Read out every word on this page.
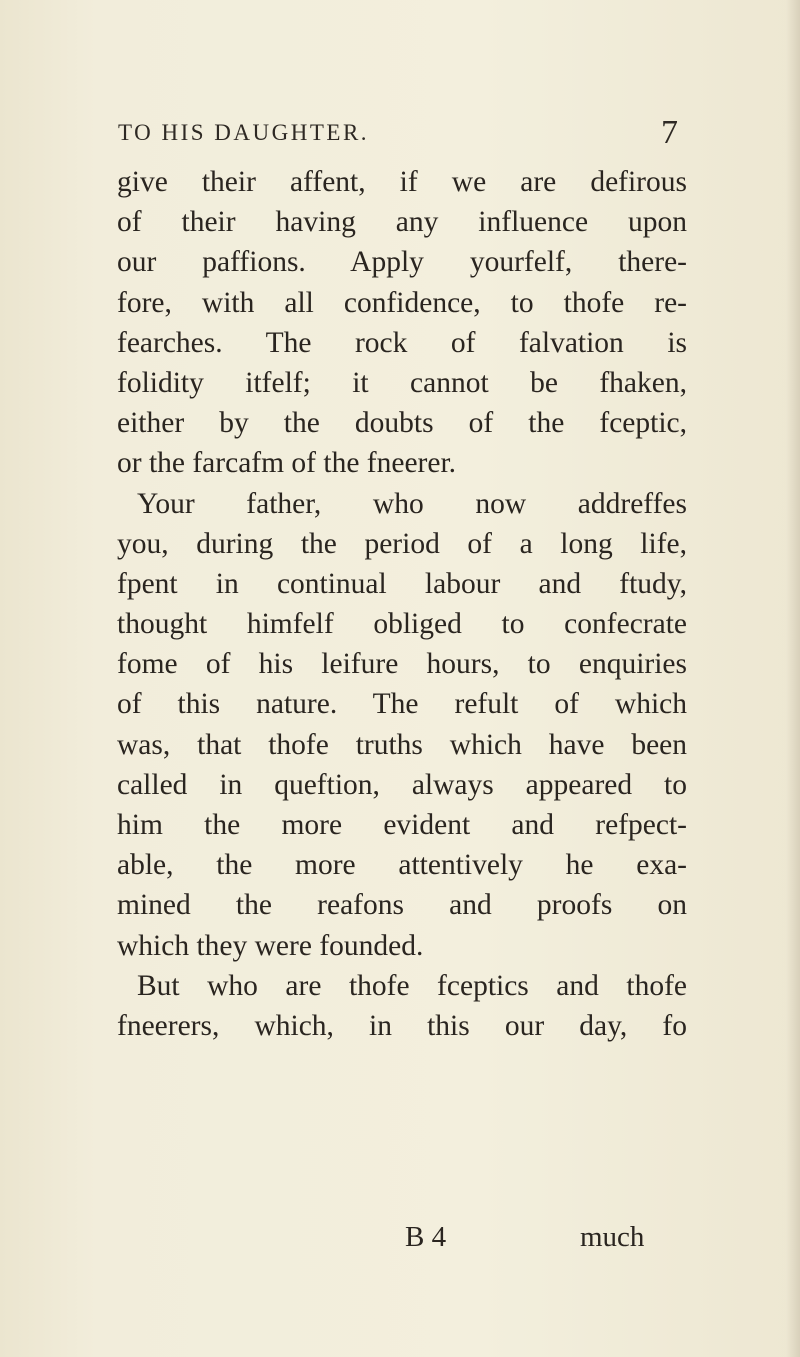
TO HIS DAUGHTER.	7
give their affent, if we are defirous
of their having any influence upon
our paffions. Apply yourfelf, there-
fore, with all confidence, to thofe re-
fearches. The rock of falvation is
folidity itfelf; it cannot be fhaken,
either by the doubts of the fceptic,
or the farcafm of the fneerer.
Your father, who now addreffes
you, during the period of a long life,
fpent in continual labour and ftudy,
thought himfelf obliged to confecrate
fome of his leifure hours, to enquiries
of this nature. The refult of which
was, that thofe truths which have been
called in queftion, always appeared to
him the more evident and refpect-
able, the more attentively he exa-
mined the reafons and proofs on
which they were founded.
But who are thofe fceptics and thofe
fneerers, which, in this our day, fo
B 4	much
